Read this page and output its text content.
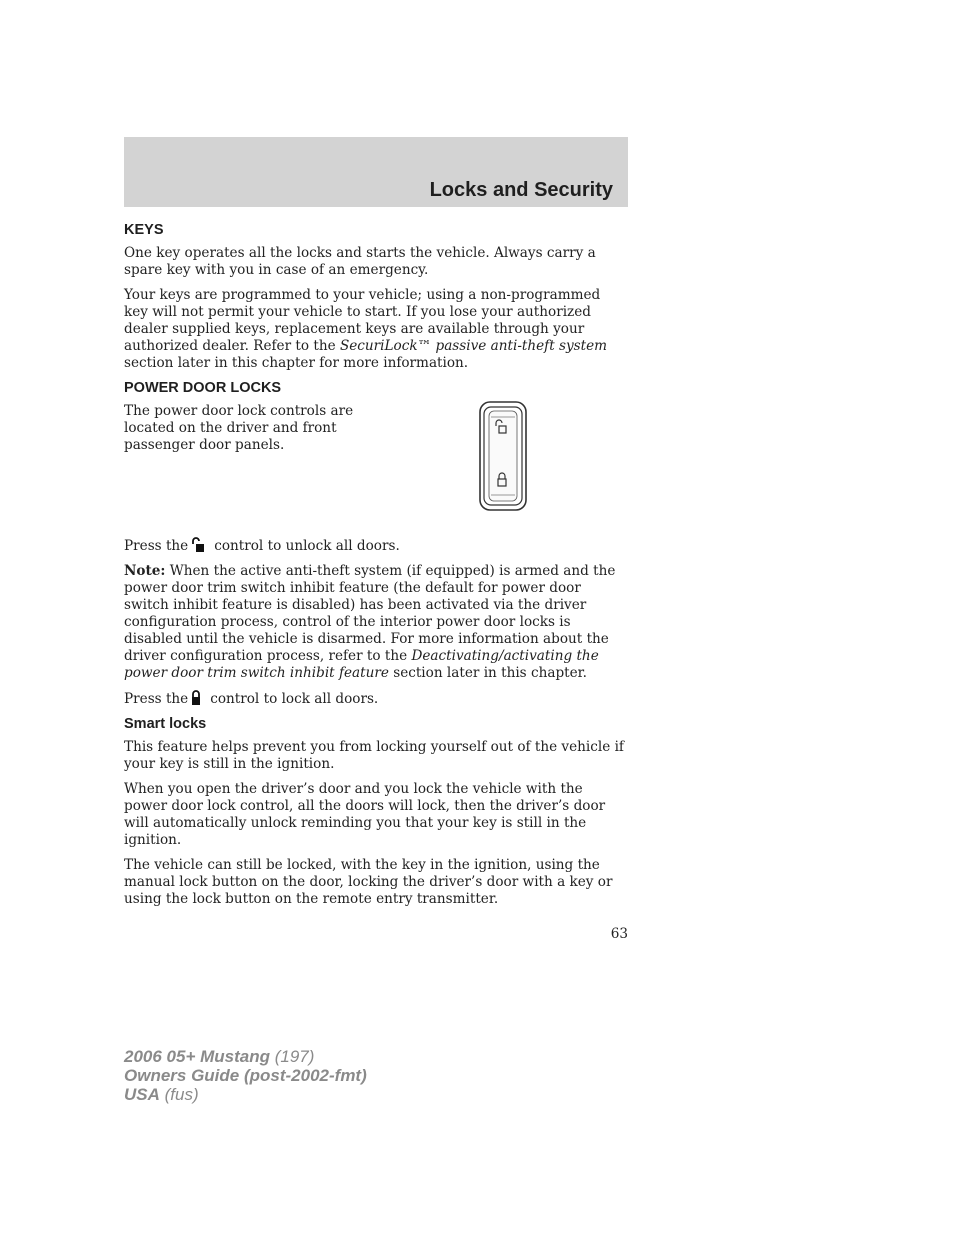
Locks and Security
KEYS

One key operates all the locks and starts the vehicle. Always carry a spare key with you in case of an emergency.

Your keys are programmed to your vehicle; using a non-programmed key will not permit your vehicle to start. If you lose your authorized dealer supplied keys, replacement keys are available through your authorized dealer. Refer to the SecuriLock™ passive anti-theft system section later in this chapter for more information.

POWER DOOR LOCKS

The power door lock controls are located on the driver and front passenger door panels.

Press the control to unlock all doors.

Note: When the active anti-theft system (if equipped) is armed and the power door trim switch inhibit feature (the default for power door switch inhibit feature is disabled) has been activated via the driver configuration process, control of the interior power door locks is disabled until the vehicle is disarmed. For more information about the driver configuration process, refer to the Deactivating/activating the power door trim switch inhibit feature section later in this chapter.

Press the control to lock all doors.

Smart locks

This feature helps prevent you from locking yourself out of the vehicle if your key is still in the ignition.

When you open the driver’s door and you lock the vehicle with the power door lock control, all the doors will lock, then the driver’s door will automatically unlock reminding you that your key is still in the ignition.

The vehicle can still be locked, with the key in the ignition, using the manual lock button on the door, locking the driver’s door with a key or using the lock button on the remote entry transmitter.

63
2006 05+ Mustang (197)
Owners Guide (post-2002-fmt)
USA (fus)
